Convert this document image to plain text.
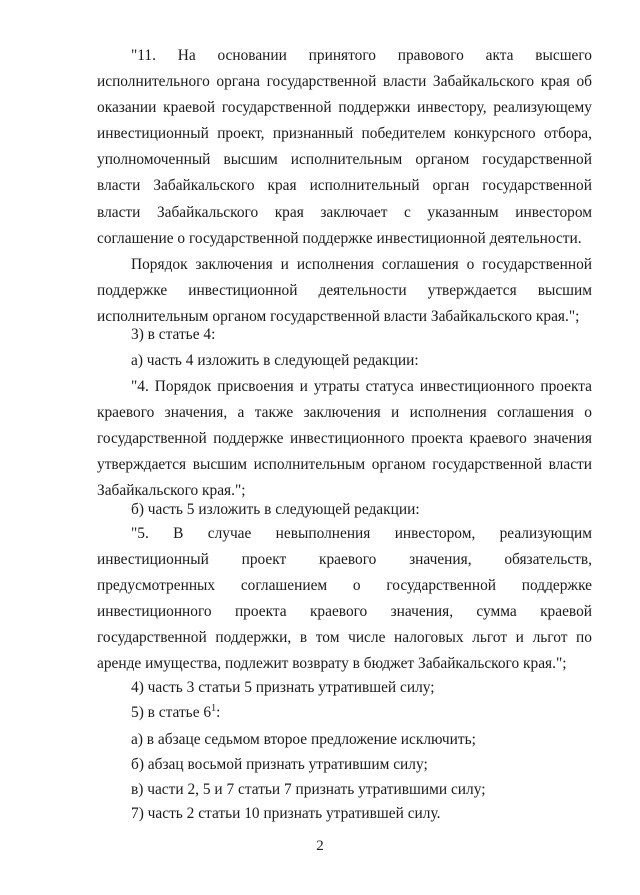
"11. На основании принятого правового акта высшего исполнительного органа государственной власти Забайкальского края об оказании краевой государственной поддержки инвестору, реализующему инвестиционный проект, признанный победителем конкурсного отбора, уполномоченный высшим исполнительным органом государственной власти Забайкальского края исполнительный орган государственной власти Забайкальского края заключает с указанным инвестором соглашение о государственной поддержке инвестиционной деятельности.

Порядок заключения и исполнения соглашения о государственной поддержке инвестиционной деятельности утверждается высшим исполнительным органом государственной власти Забайкальского края.";

3) в статье 4:

а) часть 4 изложить в следующей редакции:

"4. Порядок присвоения и утраты статуса инвестиционного проекта краевого значения, а также заключения и исполнения соглашения о государственной поддержке инвестиционного проекта краевого значения утверждается высшим исполнительным органом государственной власти Забайкальского края.";

б) часть 5 изложить в следующей редакции:

"5. В случае невыполнения инвестором, реализующим инвестиционный проект краевого значения, обязательств, предусмотренных соглашением о государственной поддержке инвестиционного проекта краевого значения, сумма краевой государственной поддержки, в том числе налоговых льгот и льгот по аренде имущества, подлежит возврату в бюджет Забайкальского края.";

4) часть 3 статьи 5 признать утратившей силу;

5) в статье $6^1$:

а) в абзаце седьмом второе предложение исключить;

б) абзац восьмой признать утратившим силу;

в) части 2, 5 и 7 статьи 7 признать утратившими силу;

7) часть 2 статьи 10 признать утратившей силу.

2
